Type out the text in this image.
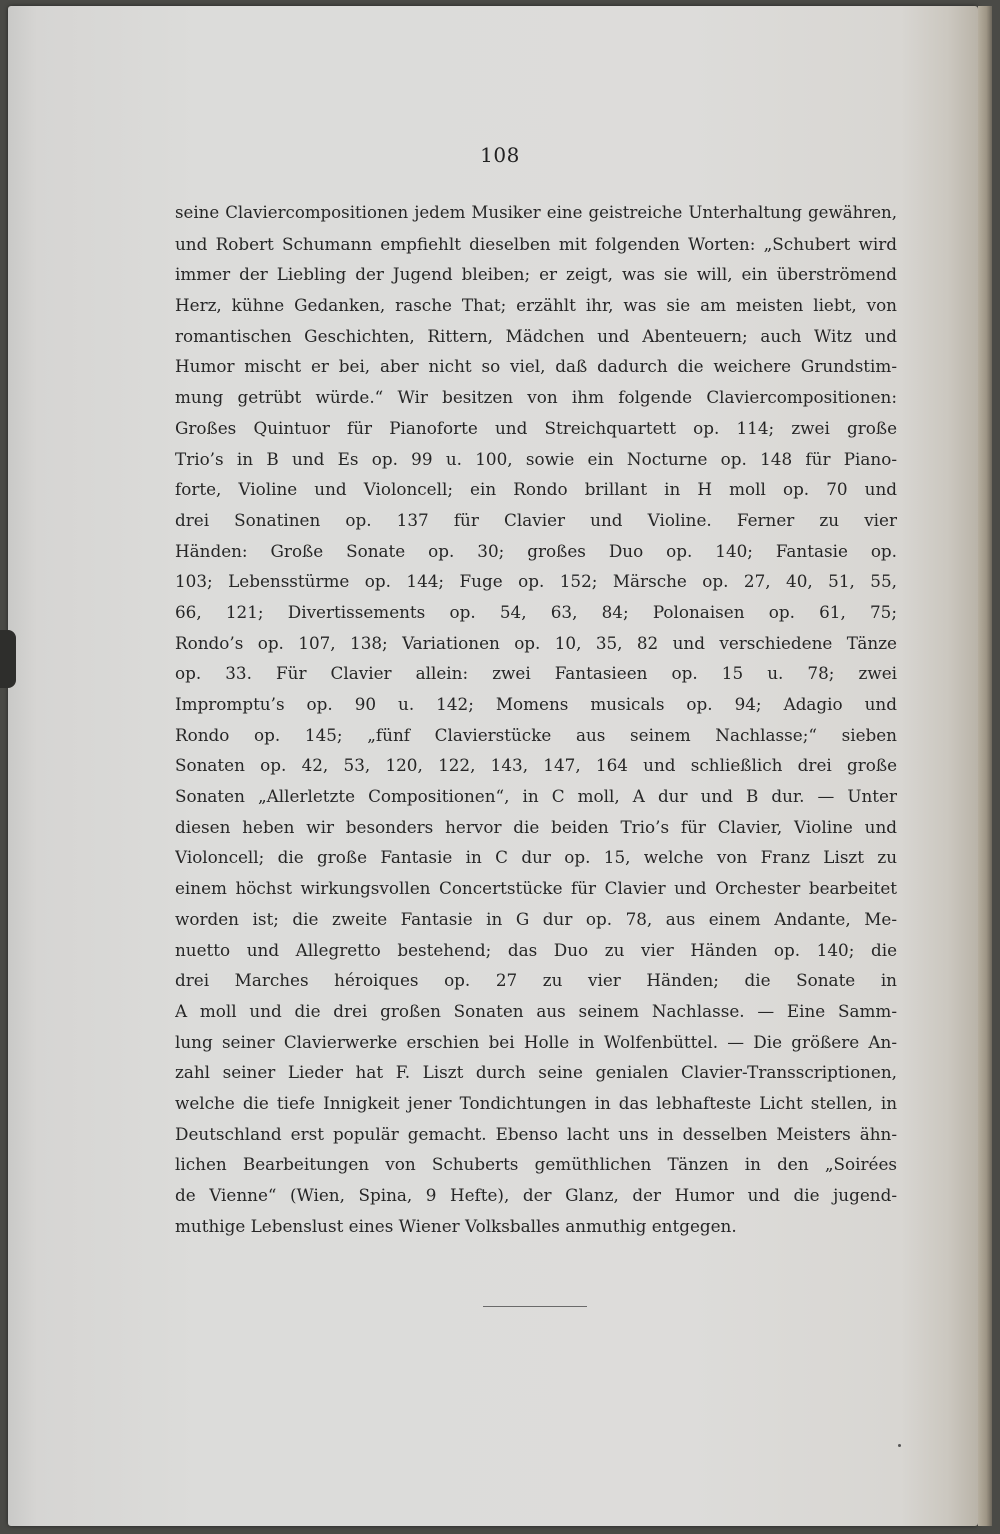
108
seine Claviercompositionen jedem Musiker eine geistreiche Unterhaltung gewähren,
und Robert Schumann empfiehlt dieselben mit folgenden Worten: „Schubert wird
immer der Liebling der Jugend bleiben; er zeigt, was sie will, ein überströmend
Herz, kühne Gedanken, rasche That; erzählt ihr, was sie am meisten liebt, von
romantischen Geschichten, Rittern, Mädchen und Abenteuern; auch Witz und
Humor mischt er bei, aber nicht so viel, daß dadurch die weichere Grundstim-
mung getrübt würde.“ Wir besitzen von ihm folgende Claviercompositionen:
Großes Quintuor für Pianoforte und Streichquartett op. 114; zwei große
Trio’s in B und Es op. 99 u. 100, sowie ein Nocturne op. 148 für Piano-
forte, Violine und Violoncell; ein Rondo brillant in H moll op. 70 und
drei Sonatinen op. 137 für Clavier und Violine. Ferner zu vier
Händen: Große Sonate op. 30; großes Duo op. 140; Fantasie op.
103; Lebensstürme op. 144; Fuge op. 152; Märsche op. 27, 40, 51, 55,
66, 121; Divertissements op. 54, 63, 84; Polonaisen op. 61, 75;
Rondo’s op. 107, 138; Variationen op. 10, 35, 82 und verschiedene Tänze
op. 33. Für Clavier allein: zwei Fantasieen op. 15 u. 78; zwei
Impromptu’s op. 90 u. 142; Momens musicals op. 94; Adagio und
Rondo op. 145; „fünf Clavierstücke aus seinem Nachlasse;“ sieben
Sonaten op. 42, 53, 120, 122, 143, 147, 164 und schließlich drei große
Sonaten „Allerletzte Compositionen“, in C moll, A dur und B dur. — Unter
diesen heben wir besonders hervor die beiden Trio’s für Clavier, Violine und
Violoncell; die große Fantasie in C dur op. 15, welche von Franz Liszt zu
einem höchst wirkungsvollen Concertstücke für Clavier und Orchester bearbeitet
worden ist; die zweite Fantasie in G dur op. 78, aus einem Andante, Me-
nuetto und Allegretto bestehend; das Duo zu vier Händen op. 140; die
drei Marches héroiques op. 27 zu vier Händen; die Sonate in
A moll und die drei großen Sonaten aus seinem Nachlasse. — Eine Samm-
lung seiner Clavierwerke erschien bei Holle in Wolfenbüttel. — Die größere An-
zahl seiner Lieder hat F. Liszt durch seine genialen Clavier-Transscriptionen,
welche die tiefe Innigkeit jener Tondichtungen in das lebhafteste Licht stellen, in
Deutschland erst populär gemacht. Ebenso lacht uns in desselben Meisters ähn-
lichen Bearbeitungen von Schuberts gemüthlichen Tänzen in den „Soirées
de Vienne“ (Wien, Spina, 9 Hefte), der Glanz, der Humor und die jugend-
muthige Lebenslust eines Wiener Volksballes anmuthig entgegen.
